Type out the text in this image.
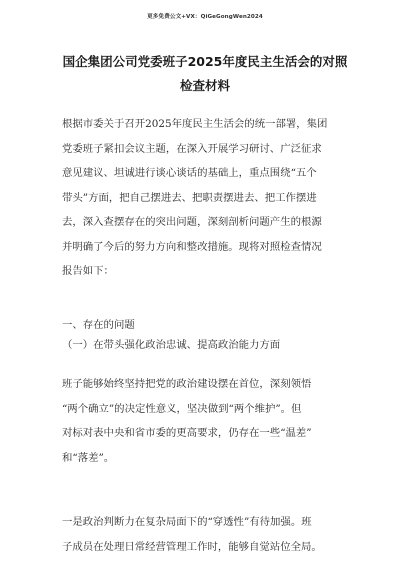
更多免费公文+VX：QiGeGongWen2024
国企集团公司党委班子2025年度民主生活会的对照
检查材料
根据市委关于召开2025年度民主生活会的统一部署，集团
党委班子紧扣会议主题，在深入开展学习研讨、广泛征求
意见建议、坦诚进行谈心谈话的基础上，重点围绕“五个
带头”方面，把自己摆进去、把职责摆进去、把工作摆进
去，深入查摆存在的突出问题，深刻剖析问题产生的根源
并明确了今后的努力方向和整改措施。现将对照检查情况
报告如下：
一、存在的问题
（一）在带头强化政治忠诚、提高政治能力方面
班子能够始终坚持把党的政治建设摆在首位，深刻领悟
“两个确立”的决定性意义，坚决做到“两个维护”。但
对标对表中央和省市委的更高要求，仍存在一些“温差”
和“落差”。
一是政治判断力在复杂局面下的“穿透性”有待加强。班
子成员在处理日常经营管理工作时，能够自觉站位全局。
